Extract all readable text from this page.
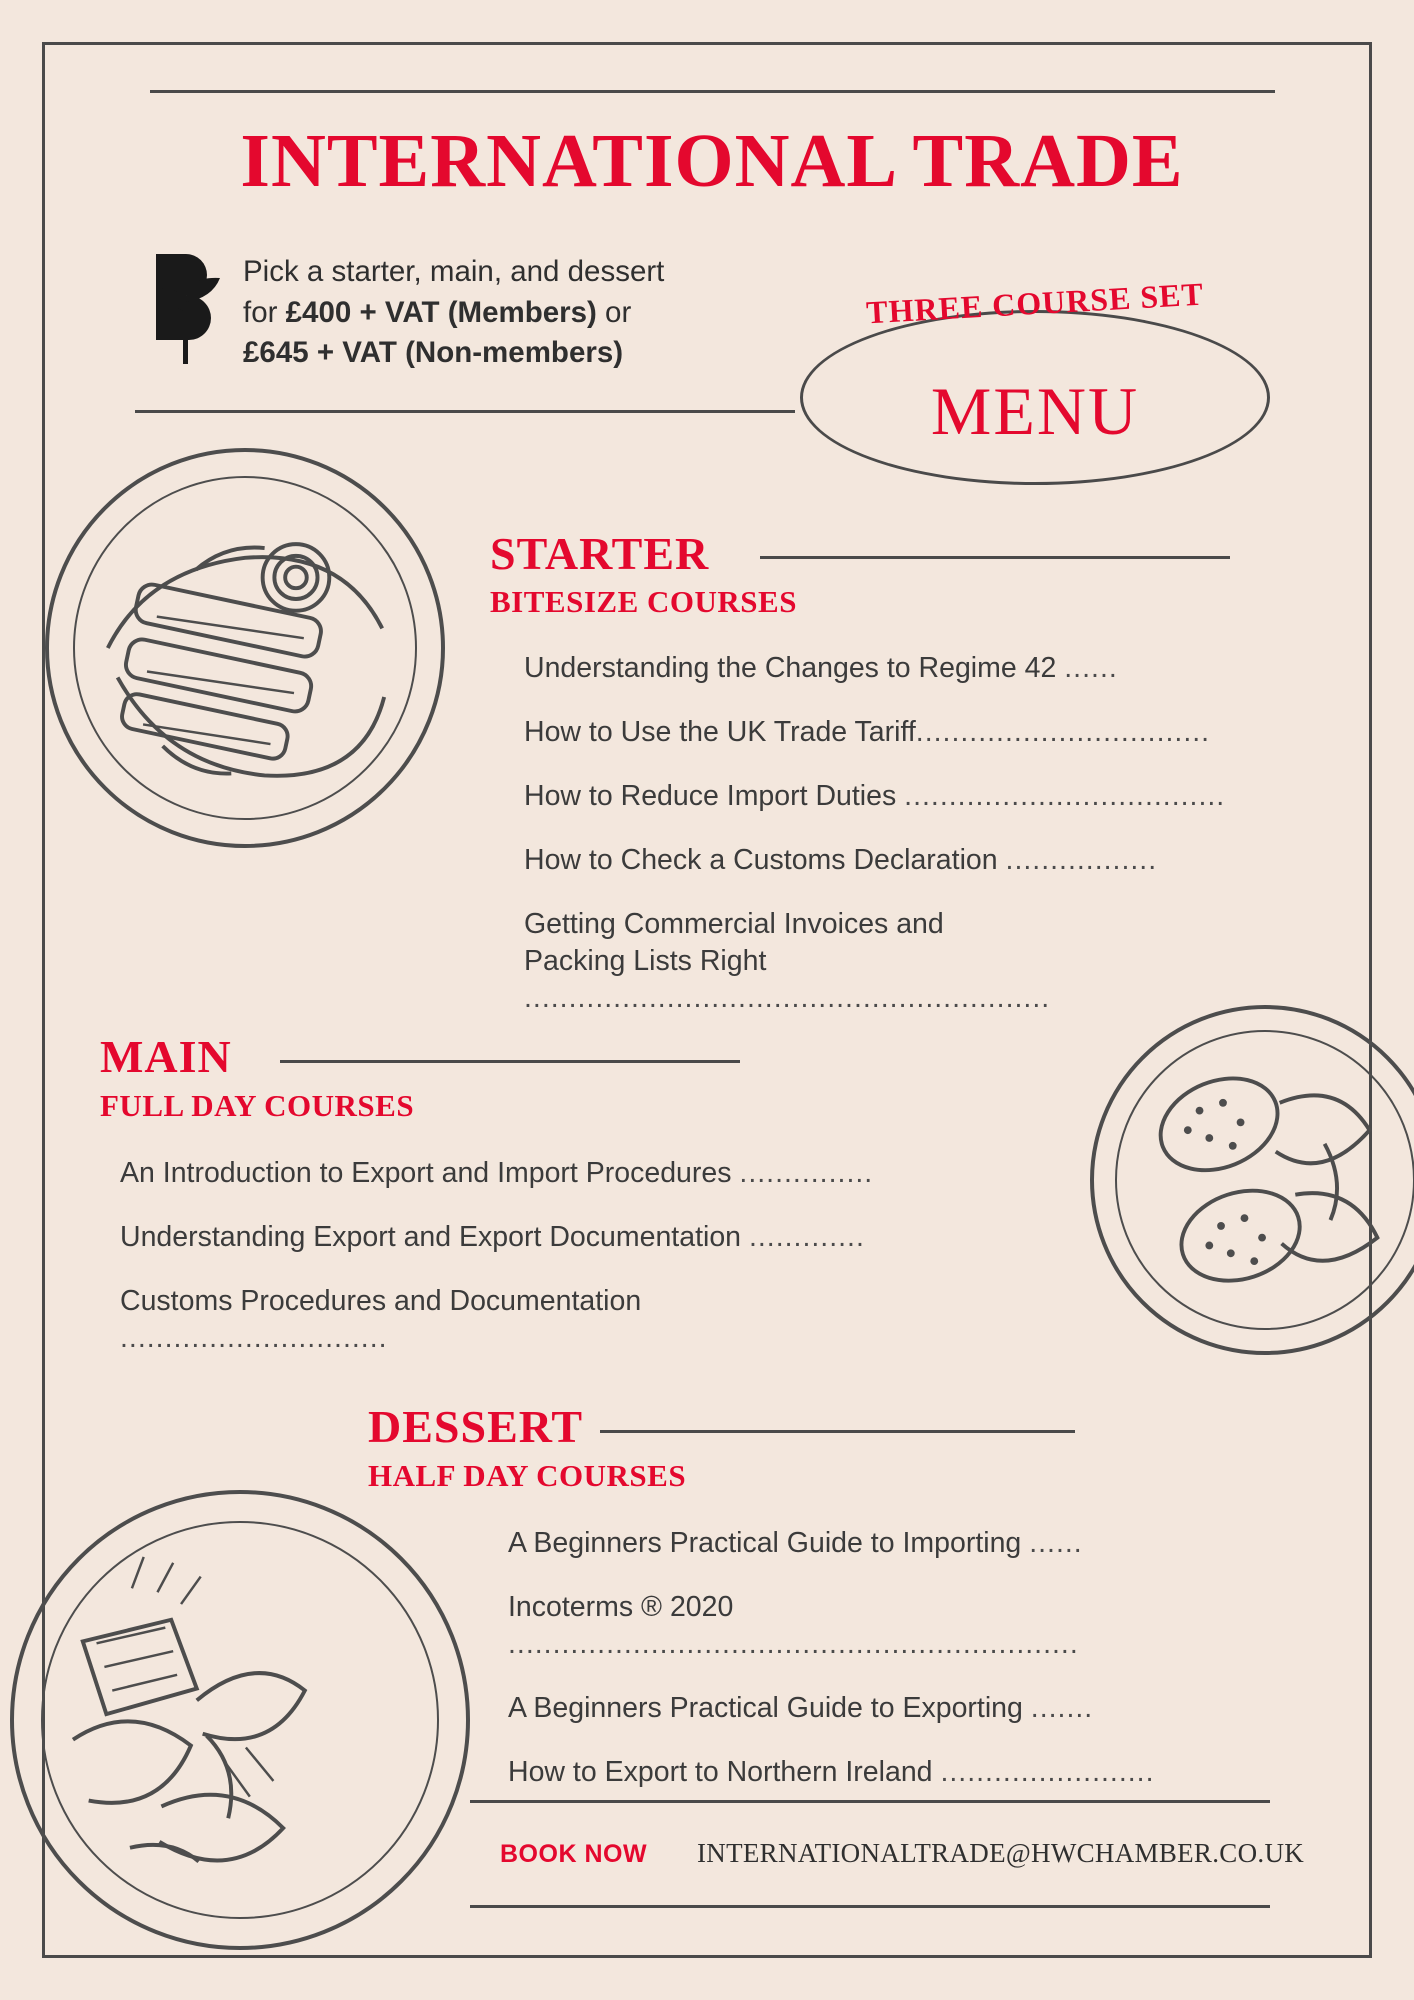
INTERNATIONAL TRADE
Pick a starter, main, and dessert
for £400 + VAT (Members) or
£645 + VAT (Non-members)
THREE COURSE SET
MENU
STARTER
BITESIZE COURSES
Understanding the Changes to Regime 42 ......
How to Use the UK Trade Tariff.................................
How to Reduce Import Duties ....................................
How to Check a Customs Declaration .................
Getting Commercial Invoices and
Packing Lists Right ...........................................................
MAIN
FULL DAY COURSES
An Introduction to Export and Import Procedures ...............
Understanding Export and Export Documentation .............
Customs Procedures and Documentation ..............................
DESSERT
HALF DAY COURSES
A Beginners Practical Guide to Importing ......
Incoterms ® 2020 ................................................................
A Beginners Practical Guide to Exporting .......
How to Export to Northern Ireland ........................
BOOK NOW INTERNATIONALTRADE@HWCHAMBER.CO.UK
